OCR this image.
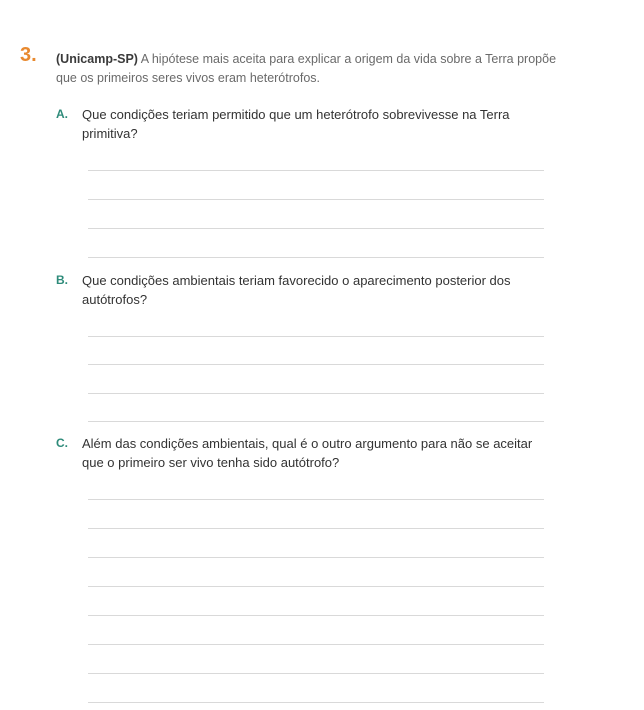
3. (Unicamp-SP) A hipótese mais aceita para explicar a origem da vida sobre a Terra propõe que os primeiros seres vivos eram heterótrofos.
A. Que condições teriam permitido que um heterótrofo sobrevivesse na Terra primitiva?
B. Que condições ambientais teriam favorecido o aparecimento posterior dos autótrofos?
C. Além das condições ambientais, qual é o outro argumento para não se aceitar que o primeiro ser vivo tenha sido autótrofo?
